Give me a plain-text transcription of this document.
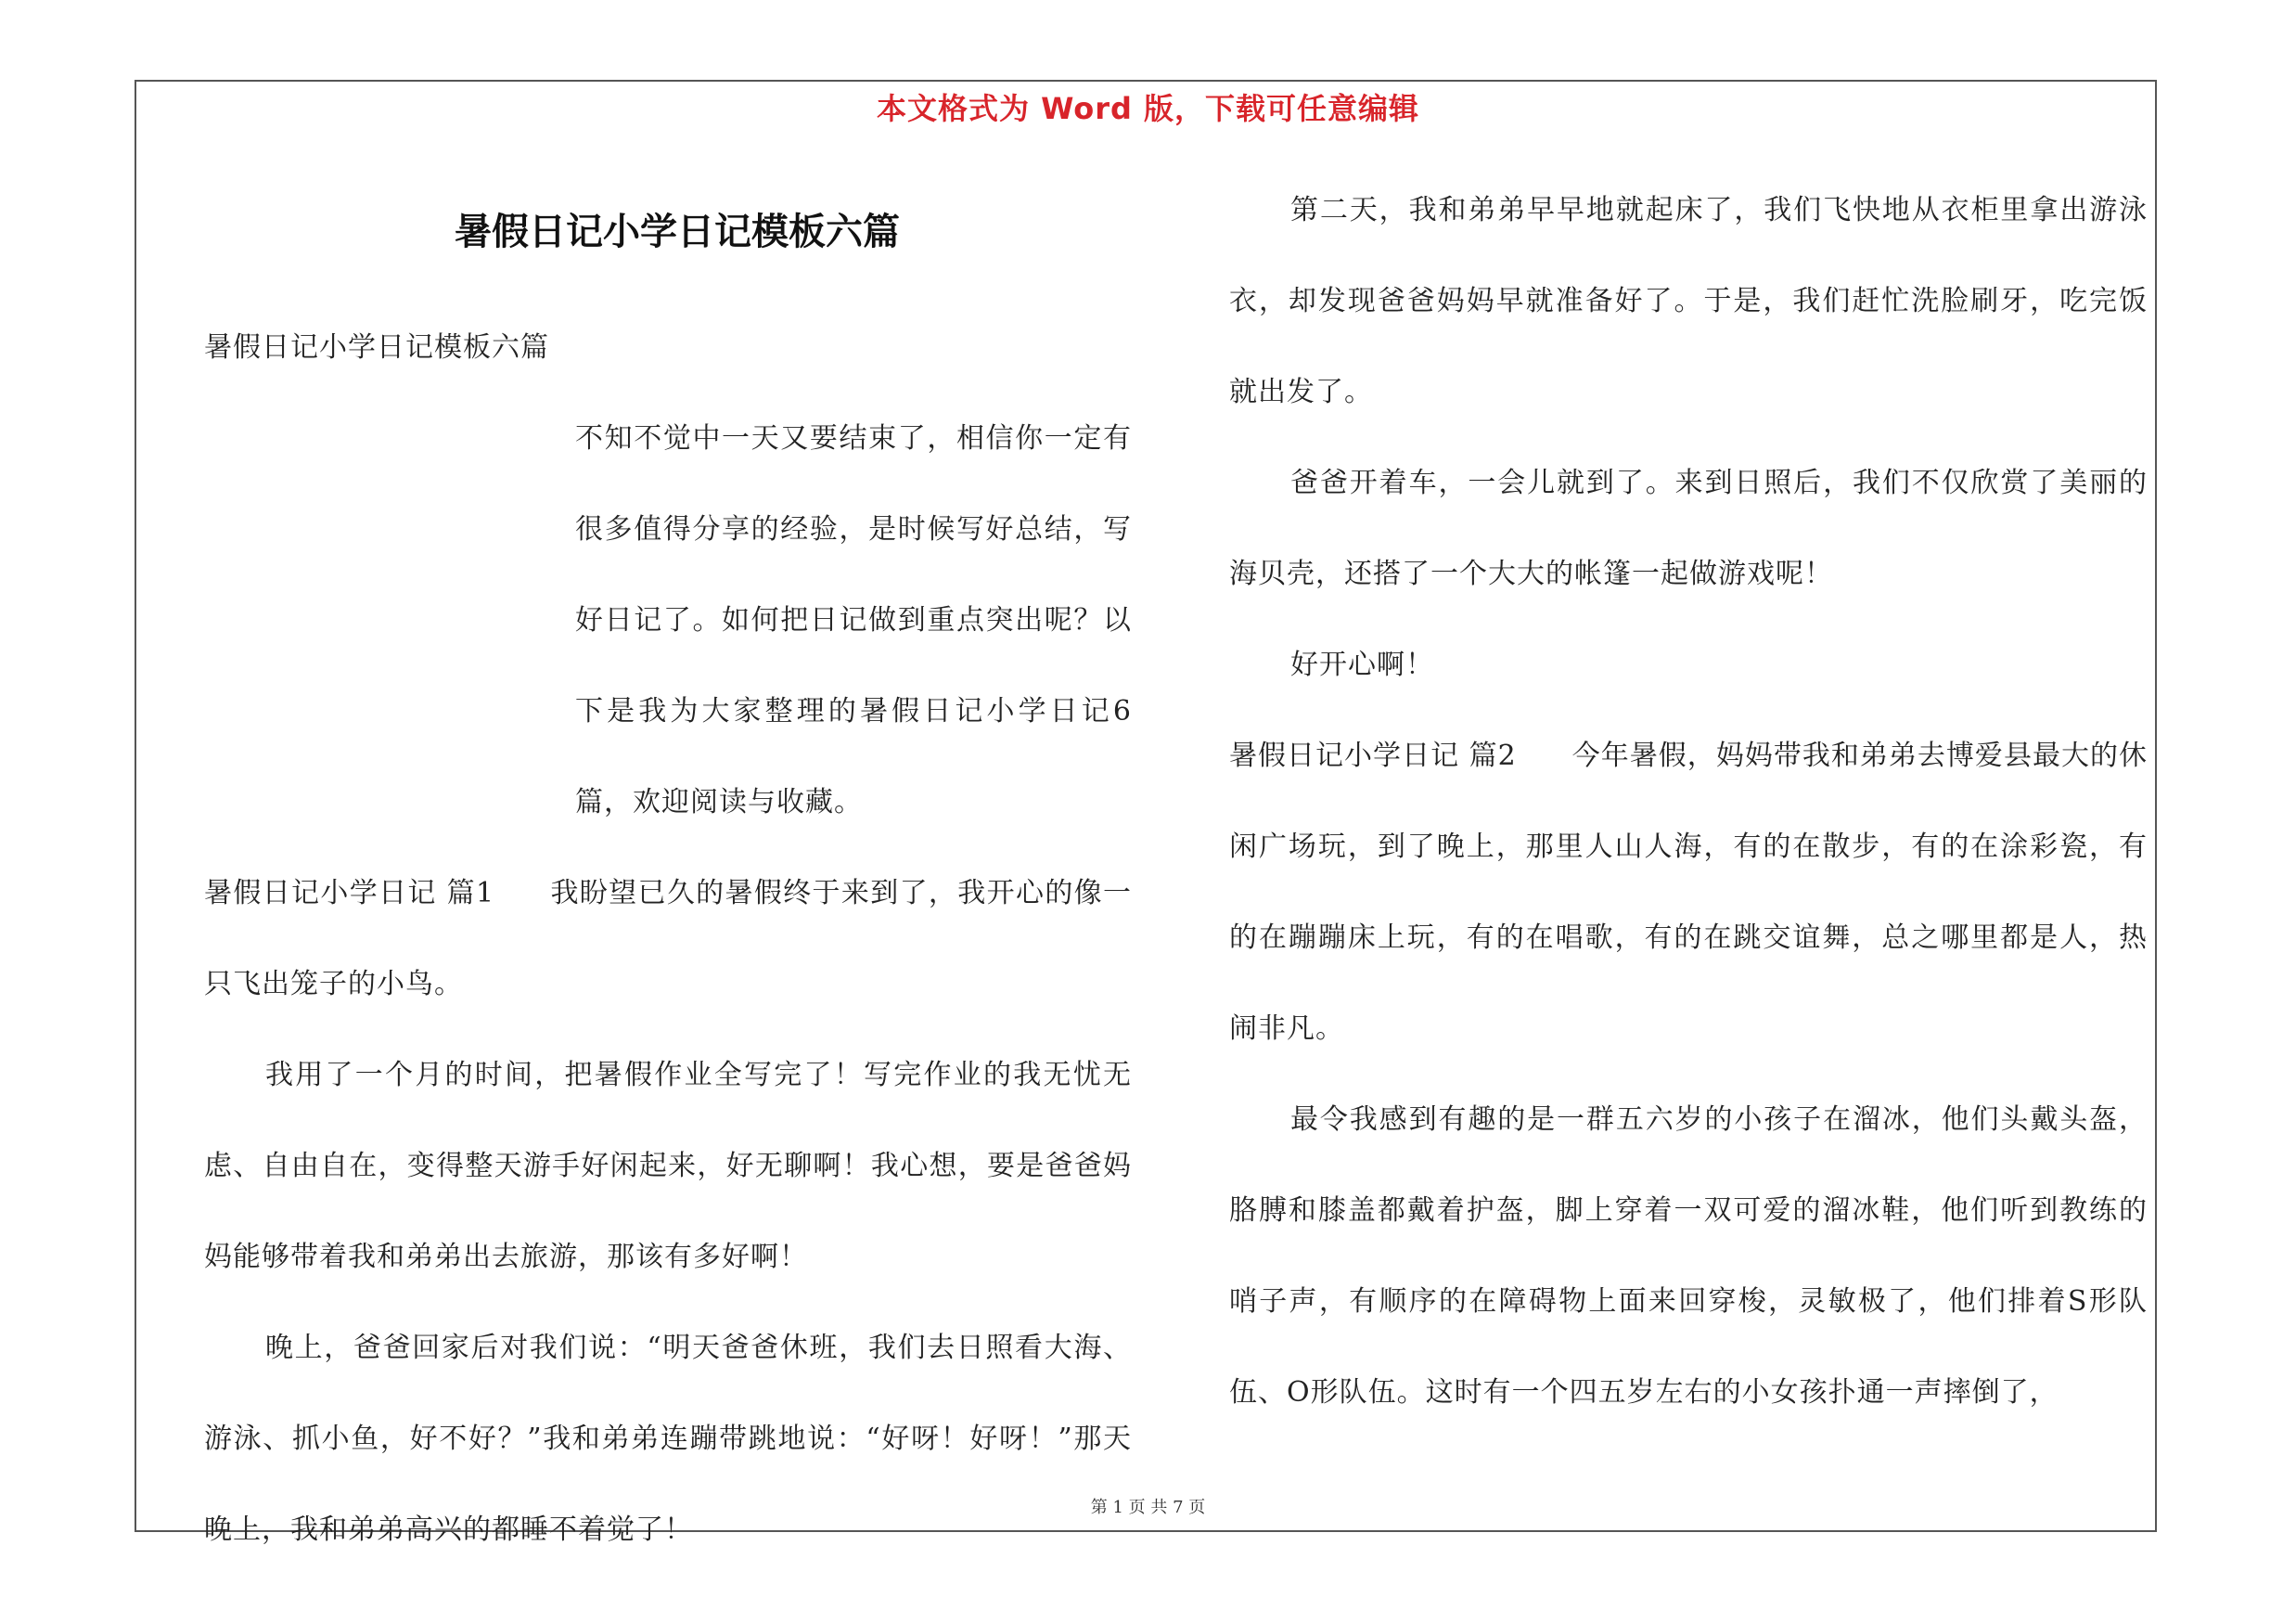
本文格式为 Word 版，下载可任意编辑
暑假日记小学日记模板六篇

暑假日记小学日记模板六篇

不知不觉中一天又要结束了，相信你一定有很多值得分享的经验，是时候写好总结，写好日记了。如何把日记做到重点突出呢？以下是我为大家整理的暑假日记小学日记6篇，欢迎阅读与收藏。

暑假日记小学日记 篇1 我盼望已久的暑假终于来到了，我开心的像一只飞出笼子的小鸟。

我用了一个月的时间，把暑假作业全写完了！写完作业的我无忧无虑、自由自在，变得整天游手好闲起来，好无聊啊！我心想，要是爸爸妈妈能够带着我和弟弟出去旅游，那该有多好啊！

晚上，爸爸回家后对我们说：“明天爸爸休班，我们去日照看大海、游泳、抓小鱼，好不好？”我和弟弟连蹦带跳地说：“好呀！好呀！”那天晚上，我和弟弟高兴的都睡不着觉了！

第二天，我和弟弟早早地就起床了，我们飞快地从衣柜里拿出游泳衣，却发现爸爸妈妈早就准备好了。于是，我们赶忙洗脸刷牙，吃完饭就出发了。

爸爸开着车，一会儿就到了。来到日照后，我们不仅欣赏了美丽的海贝壳，还搭了一个大大的帐篷一起做游戏呢！

好开心啊！

暑假日记小学日记 篇2 今年暑假，妈妈带我和弟弟去博爱县最大的休闲广场玩，到了晚上，那里人山人海，有的在散步，有的在涂彩瓷，有的在蹦蹦床上玩，有的在唱歌，有的在跳交谊舞，总之哪里都是人，热闹非凡。

最令我感到有趣的是一群五六岁的小孩子在溜冰，他们头戴头盔，胳膊和膝盖都戴着护盔，脚上穿着一双可爱的溜冰鞋，他们听到教练的哨子声，有顺序的在障碍物上面来回穿梭，灵敏极了，他们排着S形队伍、O形队伍。这时有一个四五岁左右的小女孩扑通一声摔倒了，

第 1 页 共 7 页
